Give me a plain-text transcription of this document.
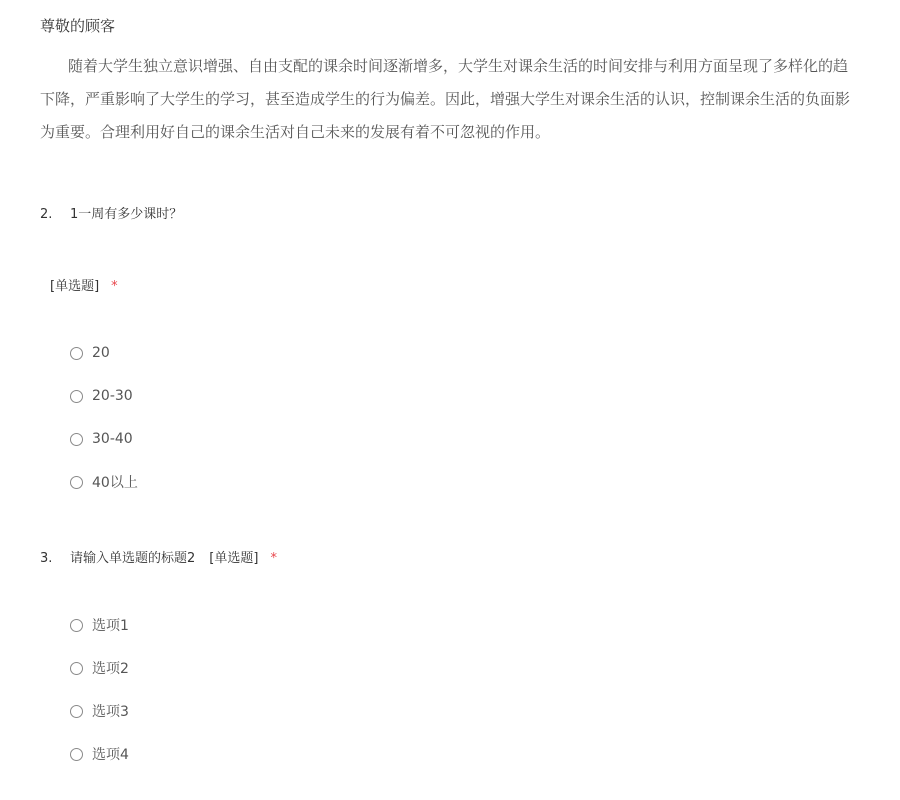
尊敬的顾客
随着大学生独立意识增强、自由支配的课余时间逐渐增多，大学生对课余生活的时间安排与利用方面呈现了多样化的趋
下降，严重影响了大学生的学习，甚至造成学生的行为偏差。因此，增强大学生对课余生活的认识，控制课余生活的负面影
为重要。合理利用好自己的课余生活对自己未来的发展有着不可忽视的作用。
2. 1一周有多少课时？
[单选题] *
20
20-30
30-40
40以上
3. 请输入单选题的标题2 [单选题] *
选项1
选项2
选项3
选项4
